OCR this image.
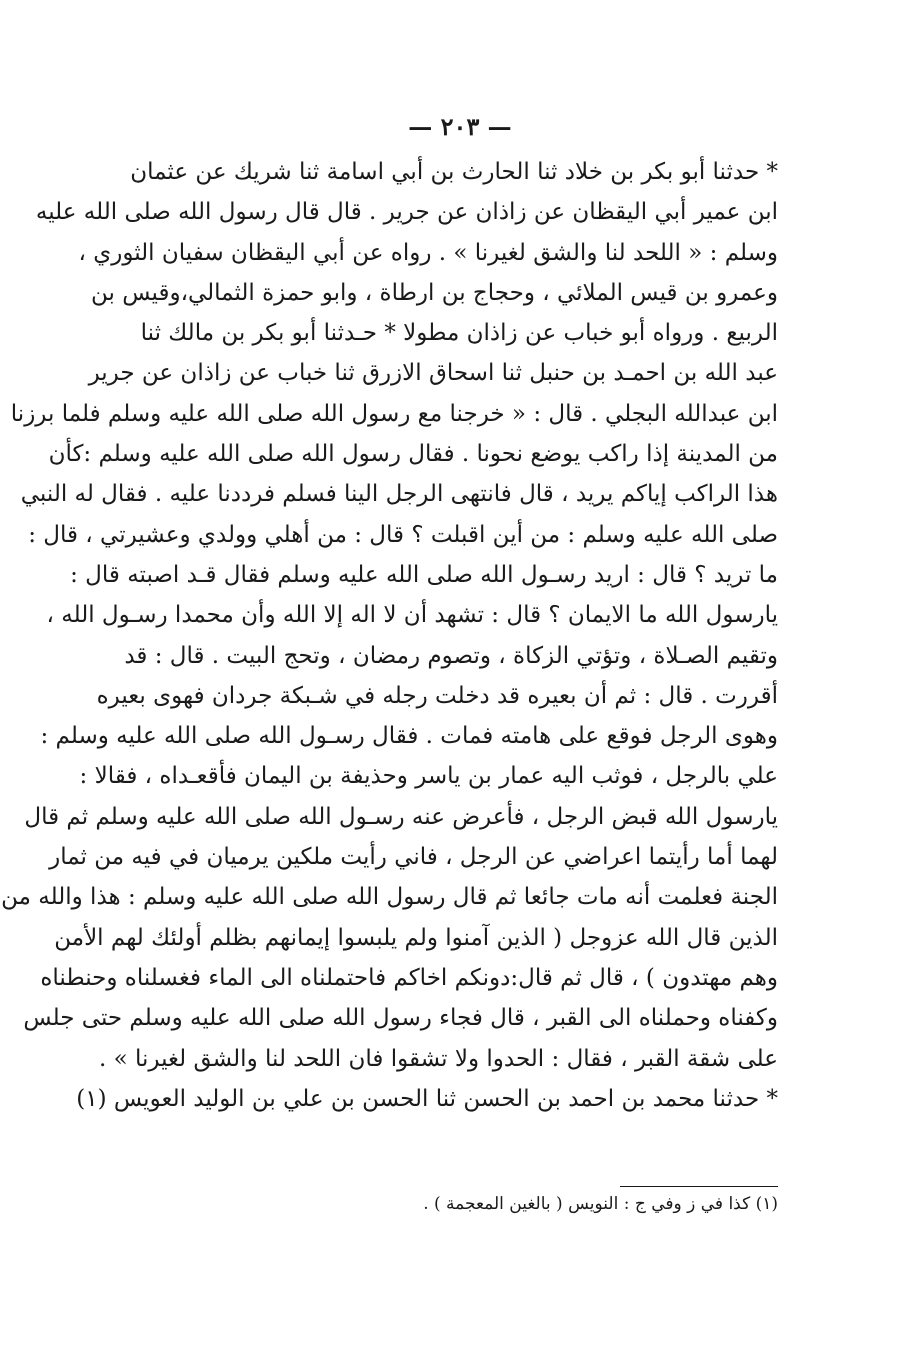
— ٢٠٣ —
* حدثنا أبو بكر بن خلاد ثنا الحارث بن أبي اسامة ثنا شريك عن عثمان
ابن عمير أبي اليقظان عن زاذان عن جرير . قال قال رسول الله صلى الله عليه
وسلم : « اللحد لنا والشق لغيرنا » . رواه عن أبي اليقظان سفيان الثوري ،
وعمرو بن قيس الملائي ، وحجاج بن ارطاة ، وابو حمزة الثمالي،وقيس بن
الربيع . ورواه أبو خباب عن زاذان مطولا * حـدثنا أبو بكر بن مالك ثنا
عبد الله بن احمـد بن حنبل ثنا اسحاق الازرق ثنا خباب عن زاذان عن جرير
ابن عبدالله البجلي . قال : « خرجنا مع رسول الله صلى الله عليه وسلم فلما برزنا
من المدينة إذا راكب يوضع نحونا . فقال رسول الله صلى الله عليه وسلم :كأن
هذا الراكب إياكم يريد ، قال فانتهى الرجل الينا فسلم فرددنا عليه . فقال له النبي
صلى الله عليه وسلم : من أين اقبلت ؟ قال : من أهلي وولدي وعشيرتي ، قال :
ما تريد ؟ قال : اريد رسـول الله صلى الله عليه وسلم فقال قـد اصبته قال :
يارسول الله ما الايمان ؟ قال : تشهد أن لا اله إلا الله وأن محمدا رسـول الله ،
وتقيم الصـلاة ، وتؤتي الزكاة ، وتصوم رمضان ، وتحج البيت . قال : قد
أقررت . قال : ثم أن بعيره قد دخلت رجله في شـبكة جردان فهوى بعيره
وهوى الرجل فوقع على هامته فمات . فقال رسـول الله صلى الله عليه وسلم :
علي بالرجل ، فوثب اليه عمار بن ياسر وحذيفة بن اليمان فأقعـداه ، فقالا :
يارسول الله قبض الرجل ، فأعرض عنه رسـول الله صلى الله عليه وسلم ثم قال
لهما أما رأيتما اعراضي عن الرجل ، فاني رأيت ملكين يرميان في فيه من ثمار
الجنة فعلمت أنه مات جائعا ثم قال رسول الله صلى الله عليه وسلم : هذا والله من
الذين قال الله عزوجل ( الذين آمنوا ولم يلبسوا إيمانهم بظلم أولئك لهم الأمن
وهم مهتدون ) ، قال ثم قال:دونكم اخاكم فاحتملناه الى الماء فغسلناه وحنطناه
وكفناه وحملناه الى القبر ، قال فجاء رسول الله صلى الله عليه وسلم حتى جلس
على شقة القبر ، فقال : الحدوا ولا تشقوا فان اللحد لنا والشق لغيرنا » .
* حدثنا محمد بن احمد بن الحسن ثنا الحسن بن علي بن الوليد العويس (١)
(١) كذا في ز وفي ج : النويس ( بالغين المعجمة ) .
